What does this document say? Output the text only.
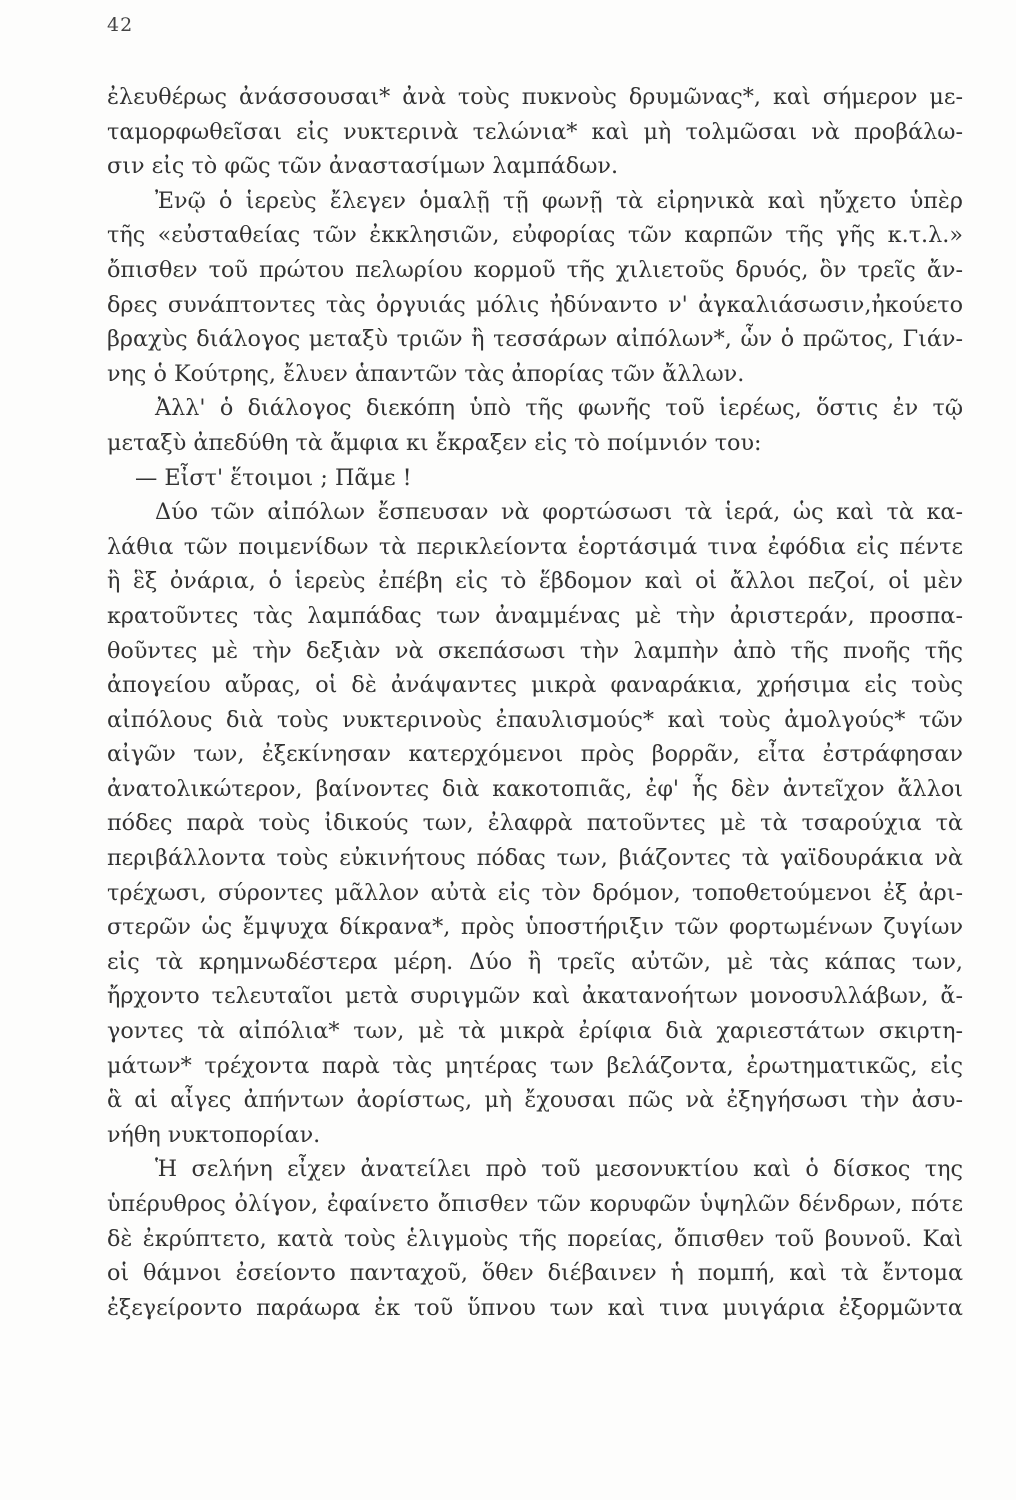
42
ἐλευθέρως ἀνάσσουσαι* ἀνὰ τοὺς πυκνοὺς δρυμῶνας*, καὶ σήμερον με-
ταμορφωθεῖσαι εἰς νυκτερινὰ τελώνια* καὶ μὴ τολμῶσαι νὰ προβάλω-
σιν εἰς τὸ φῶς τῶν ἀναστασίμων λαμπάδων.
Ἐνῷ ὁ ἱερεὺς ἔλεγεν ὁμαλῇ τῇ φωνῇ τὰ εἰρηνικὰ καὶ ηὔχετο ὑπὲρ
τῆς «εὐσταθείας τῶν ἐκκλησιῶν, εὐφορίας τῶν καρπῶν τῆς γῆς κ.τ.λ.»
ὄπισθεν τοῦ πρώτου πελωρίου κορμοῦ τῆς χιλιετοῦς δρυός, ὃν τρεῖς ἄν-
δρες συνάπτοντες τὰς ὀργυιάς μόλις ἠδύναντο ν' ἀγκαλιάσωσιν,ἠκούετο
βραχὺς διάλογος μεταξὺ τριῶν ἢ τεσσάρων αἰπόλων*, ὧν ὁ πρῶτος, Γιάν-
νης ὁ Κούτρης, ἔλυεν ἁπαντῶν τὰς ἀπορίας τῶν ἄλλων.
Ἀλλ' ὁ διάλογος διεκόπη ὑπὸ τῆς φωνῆς τοῦ ἱερέως, ὅστις ἐν τῷ
μεταξὺ ἀπεδύθη τὰ ἄμφια κι ἔκραξεν εἰς τὸ ποίμνιόν του:
— Εἶστ' ἕτοιμοι ; Πᾶμε !
Δύο τῶν αἰπόλων ἔσπευσαν νὰ φορτώσωσι τὰ ἱερά, ὡς καὶ τὰ κα-
λάθια τῶν ποιμενίδων τὰ περικλείοντα ἑορτάσιμά τινα ἐφόδια εἰς πέντε
ἢ ἓξ ὀνάρια, ὁ ἱερεὺς ἐπέβη εἰς τὸ ἕβδομον καὶ οἱ ἄλλοι πεζοί, οἱ μὲν
κρατοῦντες τὰς λαμπάδας των ἀναμμένας μὲ τὴν ἀριστεράν, προσπα-
θοῦντες μὲ τὴν δεξιὰν νὰ σκεπάσωσι τὴν λαμπὴν ἀπὸ τῆς πνοῆς τῆς
ἀπογείου αὔρας, οἱ δὲ ἀνάψαντες μικρὰ φαναράκια, χρήσιμα εἰς τοὺς
αἰπόλους διὰ τοὺς νυκτερινοὺς ἐπαυλισμούς* καὶ τοὺς ἀμολγούς* τῶν
αἰγῶν των, ἐξεκίνησαν κατερχόμενοι πρὸς βορρᾶν, εἶτα ἐστράφησαν
ἀνατολικώτερον, βαίνοντες διὰ κακοτοπιᾶς, ἐφ' ἧς δὲν ἀντεῖχον ἄλλοι
πόδες παρὰ τοὺς ἰδικούς των, ἐλαφρὰ πατοῦντες μὲ τὰ τσαρούχια τὰ
περιβάλλοντα τοὺς εὐκινήτους πόδας των, βιάζοντες τὰ γαϊδουράκια νὰ
τρέχωσι, σύροντες μᾶλλον αὐτὰ εἰς τὸν δρόμον, τοποθετούμενοι ἐξ ἀρι-
στερῶν ὡς ἔμψυχα δίκρανα*, πρὸς ὑποστήριξιν τῶν φορτωμένων ζυγίων
εἰς τὰ κρημνωδέστερα μέρη. Δύο ἢ τρεῖς αὐτῶν, μὲ τὰς κάπας των,
ἤρχοντο τελευταῖοι μετὰ συριγμῶν καὶ ἀκατανοήτων μονοσυλλάβων, ἄ-
γοντες τὰ αἰπόλια* των, μὲ τὰ μικρὰ ἐρίφια διὰ χαριεστάτων σκιρτη-
μάτων* τρέχοντα παρὰ τὰς μητέρας των βελάζοντα, ἐρωτηματικῶς, εἰς
ἃ αἱ αἶγες ἀπήντων ἀορίστως, μὴ ἔχουσαι πῶς νὰ ἐξηγήσωσι τὴν ἀσυ-
νήθη νυκτοπορίαν.
Ἡ σελήνη εἶχεν ἀνατείλει πρὸ τοῦ μεσονυκτίου καὶ ὁ δίσκος της
ὑπέρυθρος ὀλίγον, ἐφαίνετο ὄπισθεν τῶν κορυφῶν ὑψηλῶν δένδρων, πότε
δὲ ἐκρύπτετο, κατὰ τοὺς ἑλιγμοὺς τῆς πορείας, ὄπισθεν τοῦ βουνοῦ. Καὶ
οἱ θάμνοι ἐσείοντο πανταχοῦ, ὅθεν διέβαινεν ἡ πομπή, καὶ τὰ ἔντομα
ἐξεγείροντο παράωρα ἐκ τοῦ ὕπνου των καὶ τινα μυιγάρια ἐξορμῶντα
